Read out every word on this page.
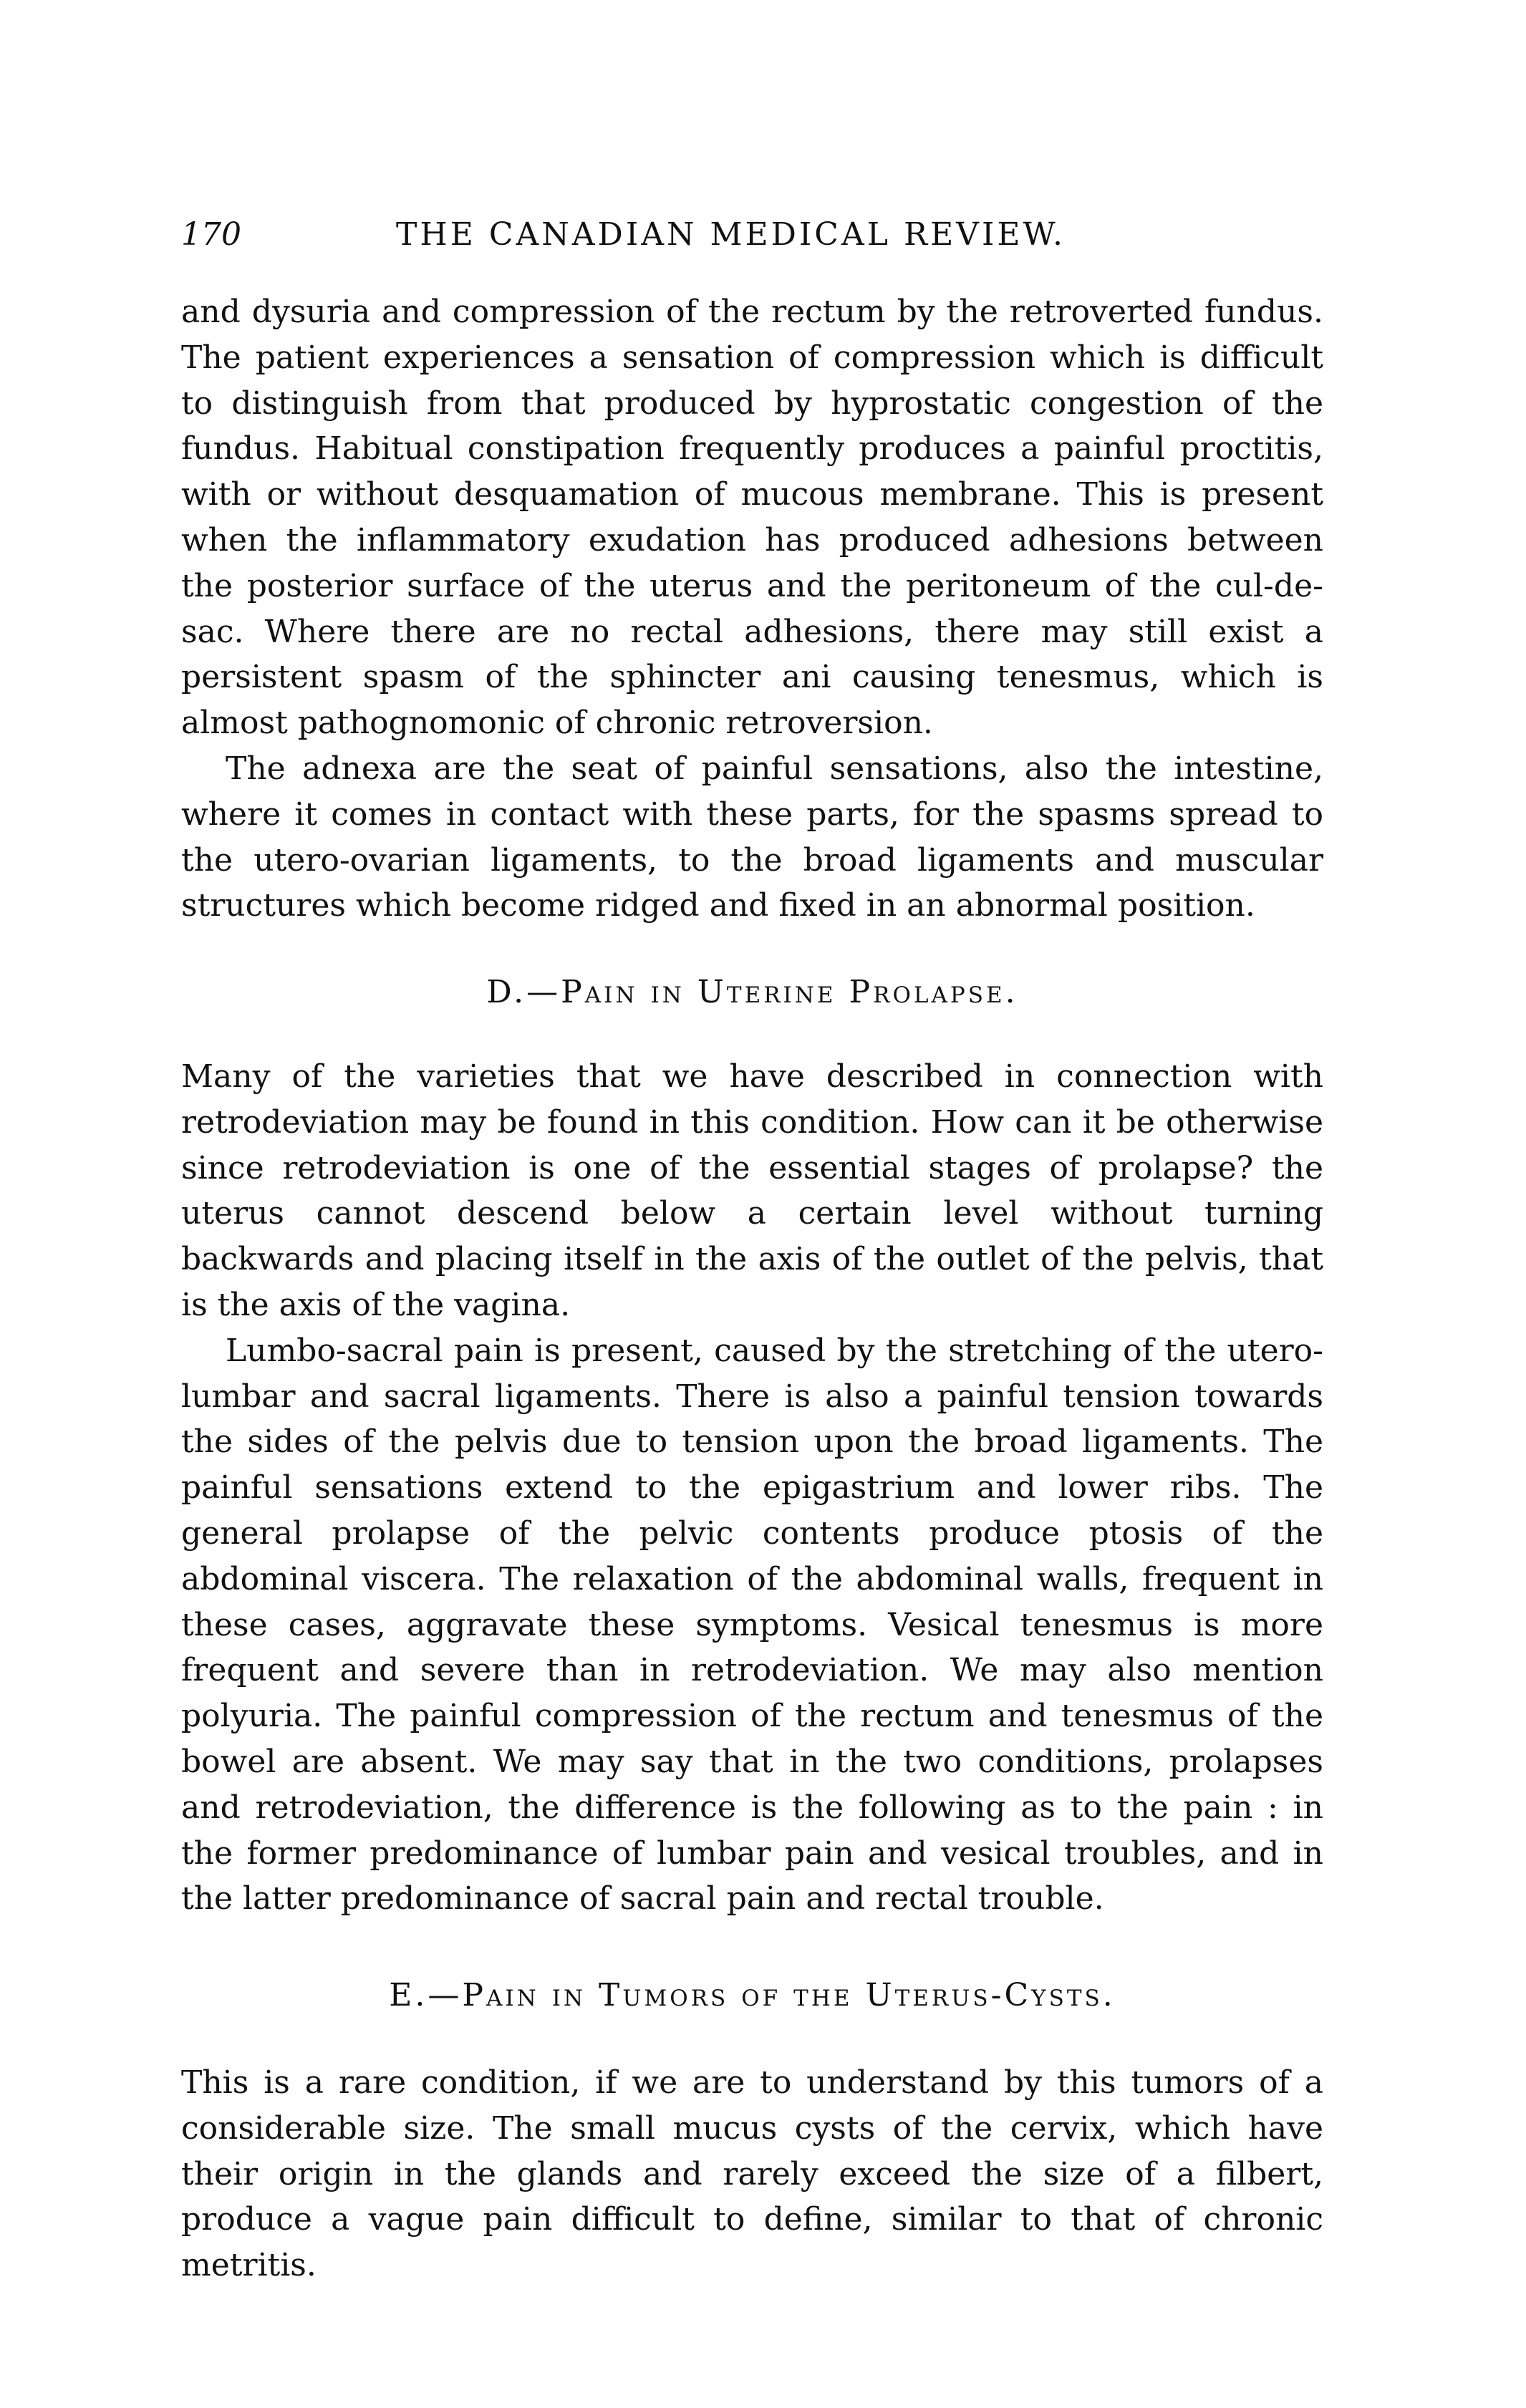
170	THE CANADIAN MEDICAL REVIEW.

and dysuria and compression of the rectum by the retroverted fundus. The patient experiences a sensation of compression which is difficult to distinguish from that produced by hyprostatic congestion of the fundus. Habitual constipation frequently produces a painful proctitis, with or without desquamation of mucous membrane. This is present when the inflammatory exudation has produced adhesions between the posterior surface of the uterus and the peritoneum of the cul-de-sac. Where there are no rectal adhesions, there may still exist a persistent spasm of the sphincter ani causing tenesmus, which is almost pathognomonic of chronic retroversion.

The adnexa are the seat of painful sensations, also the intestine, where it comes in contact with these parts, for the spasms spread to the utero-ovarian ligaments, to the broad ligaments and muscular structures which become ridged and fixed in an abnormal position.

D.—Pain in Uterine Prolapse.

Many of the varieties that we have described in connection with retrodeviation may be found in this condition. How can it be otherwise since retrodeviation is one of the essential stages of prolapse? the uterus cannot descend below a certain level without turning backwards and placing itself in the axis of the outlet of the pelvis, that is the axis of the vagina.

Lumbo-sacral pain is present, caused by the stretching of the utero-lumbar and sacral ligaments. There is also a painful tension towards the sides of the pelvis due to tension upon the broad ligaments. The painful sensations extend to the epigastrium and lower ribs. The general prolapse of the pelvic contents produce ptosis of the abdominal viscera. The relaxation of the abdominal walls, frequent in these cases, aggravate these symptoms. Vesical tenesmus is more frequent and severe than in retrodeviation. We may also mention polyuria. The painful compression of the rectum and tenesmus of the bowel are absent. We may say that in the two conditions, prolapses and retrodeviation, the difference is the following as to the pain : in the former predominance of lumbar pain and vesical troubles, and in the latter predominance of sacral pain and rectal trouble.

E.—Pain in Tumors of the Uterus-Cysts.

This is a rare condition, if we are to understand by this tumors of a considerable size. The small mucus cysts of the cervix, which have their origin in the glands and rarely exceed the size of a filbert, produce a vague pain difficult to define, similar to that of chronic metritis.
